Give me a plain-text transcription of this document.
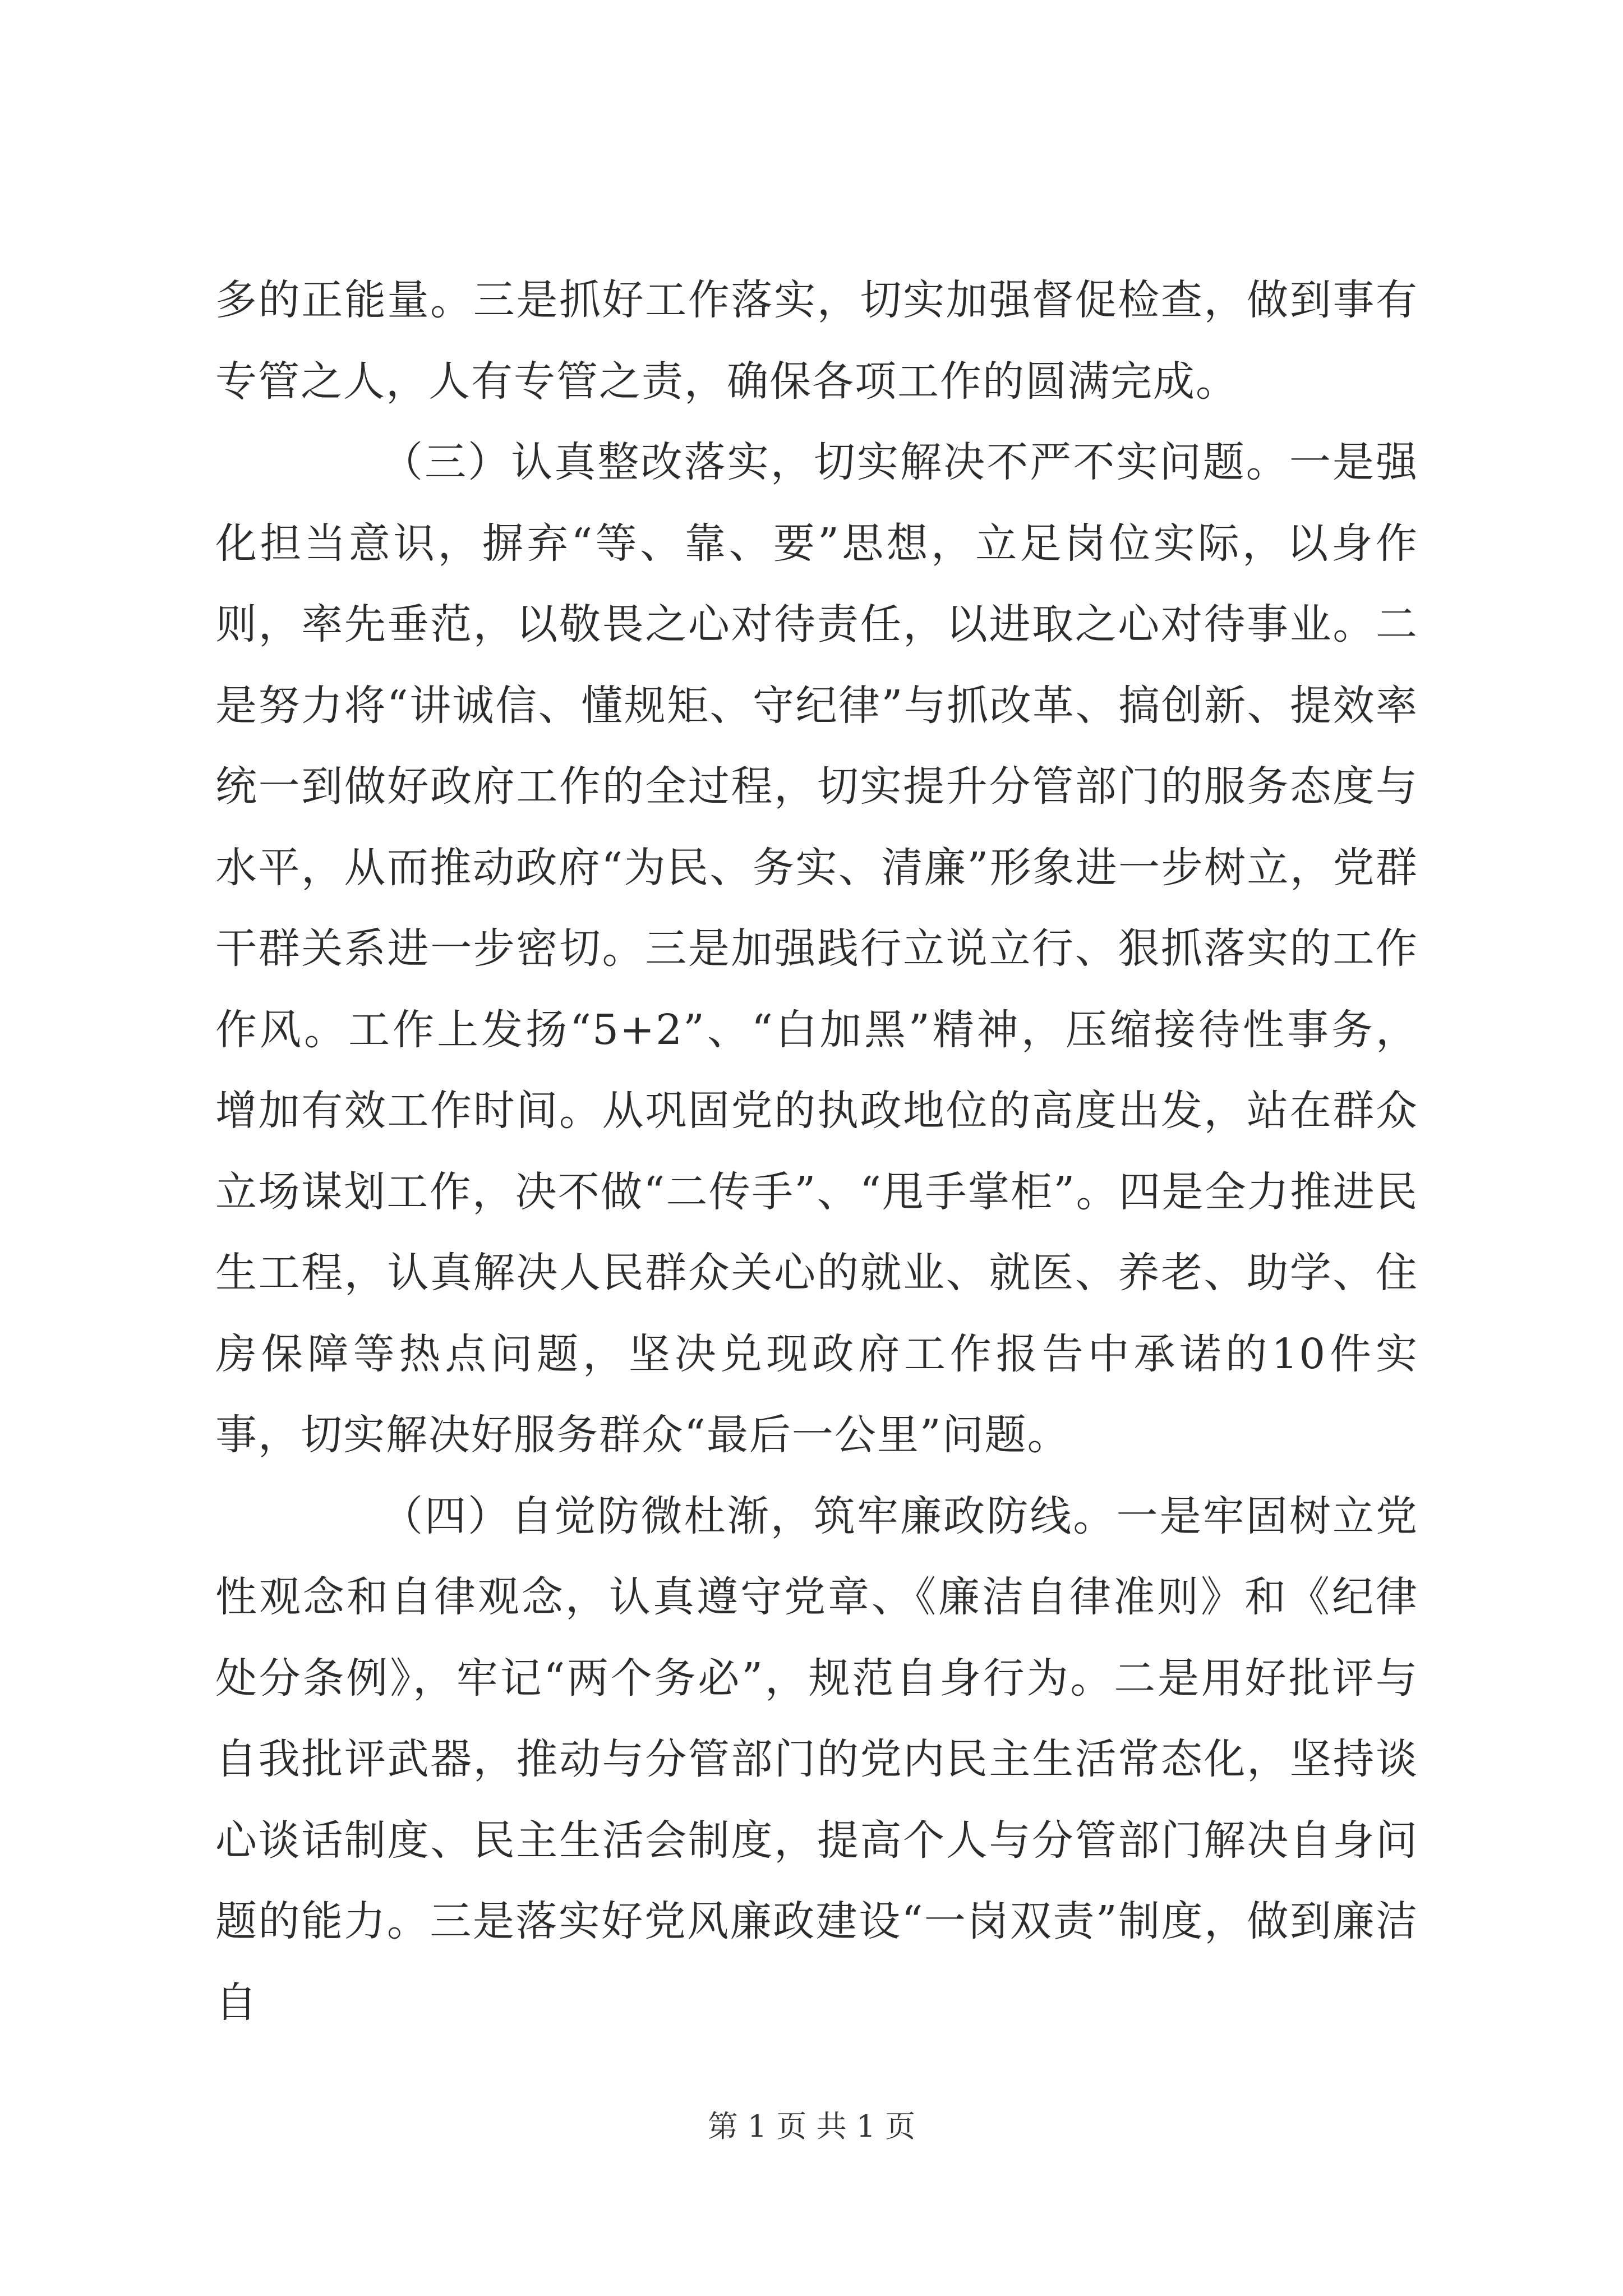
多的正能量。三是抓好工作落实，切实加强督促检查，做到事有专管之人，人有专管之责，确保各项工作的圆满完成。

（三）认真整改落实，切实解决不严不实问题。一是强化担当意识，摒弃“等、靠、要”思想，立足岗位实际，以身作则，率先垂范，以敬畏之心对待责任，以进取之心对待事业。二是努力将“讲诚信、懂规矩、守纪律”与抓改革、搞创新、提效率统一到做好政府工作的全过程，切实提升分管部门的服务态度与水平，从而推动政府“为民、务实、清廉”形象进一步树立，党群干群关系进一步密切。三是加强践行立说立行、狠抓落实的工作作风。工作上发扬“5+2”、“白加黑”精神，压缩接待性事务，增加有效工作时间。从巩固党的执政地位的高度出发，站在群众立场谋划工作，决不做“二传手”、“甩手掌柜”。四是全力推进民生工程，认真解决人民群众关心的就业、就医、养老、助学、住房保障等热点问题，坚决兑现政府工作报告中承诺的10件实事，切实解决好服务群众“最后一公里”问题。

（四）自觉防微杜渐，筑牢廉政防线。一是牢固树立党性观念和自律观念，认真遵守党章、《廉洁自律准则》和《纪律处分条例》，牢记“两个务必”，规范自身行为。二是用好批评与自我批评武器，推动与分管部门的党内民主生活常态化，坚持谈心谈话制度、民主生活会制度，提高个人与分管部门解决自身问题的能力。三是落实好党风廉政建设“一岗双责”制度，做到廉洁自

第 1 页 共 1 页
